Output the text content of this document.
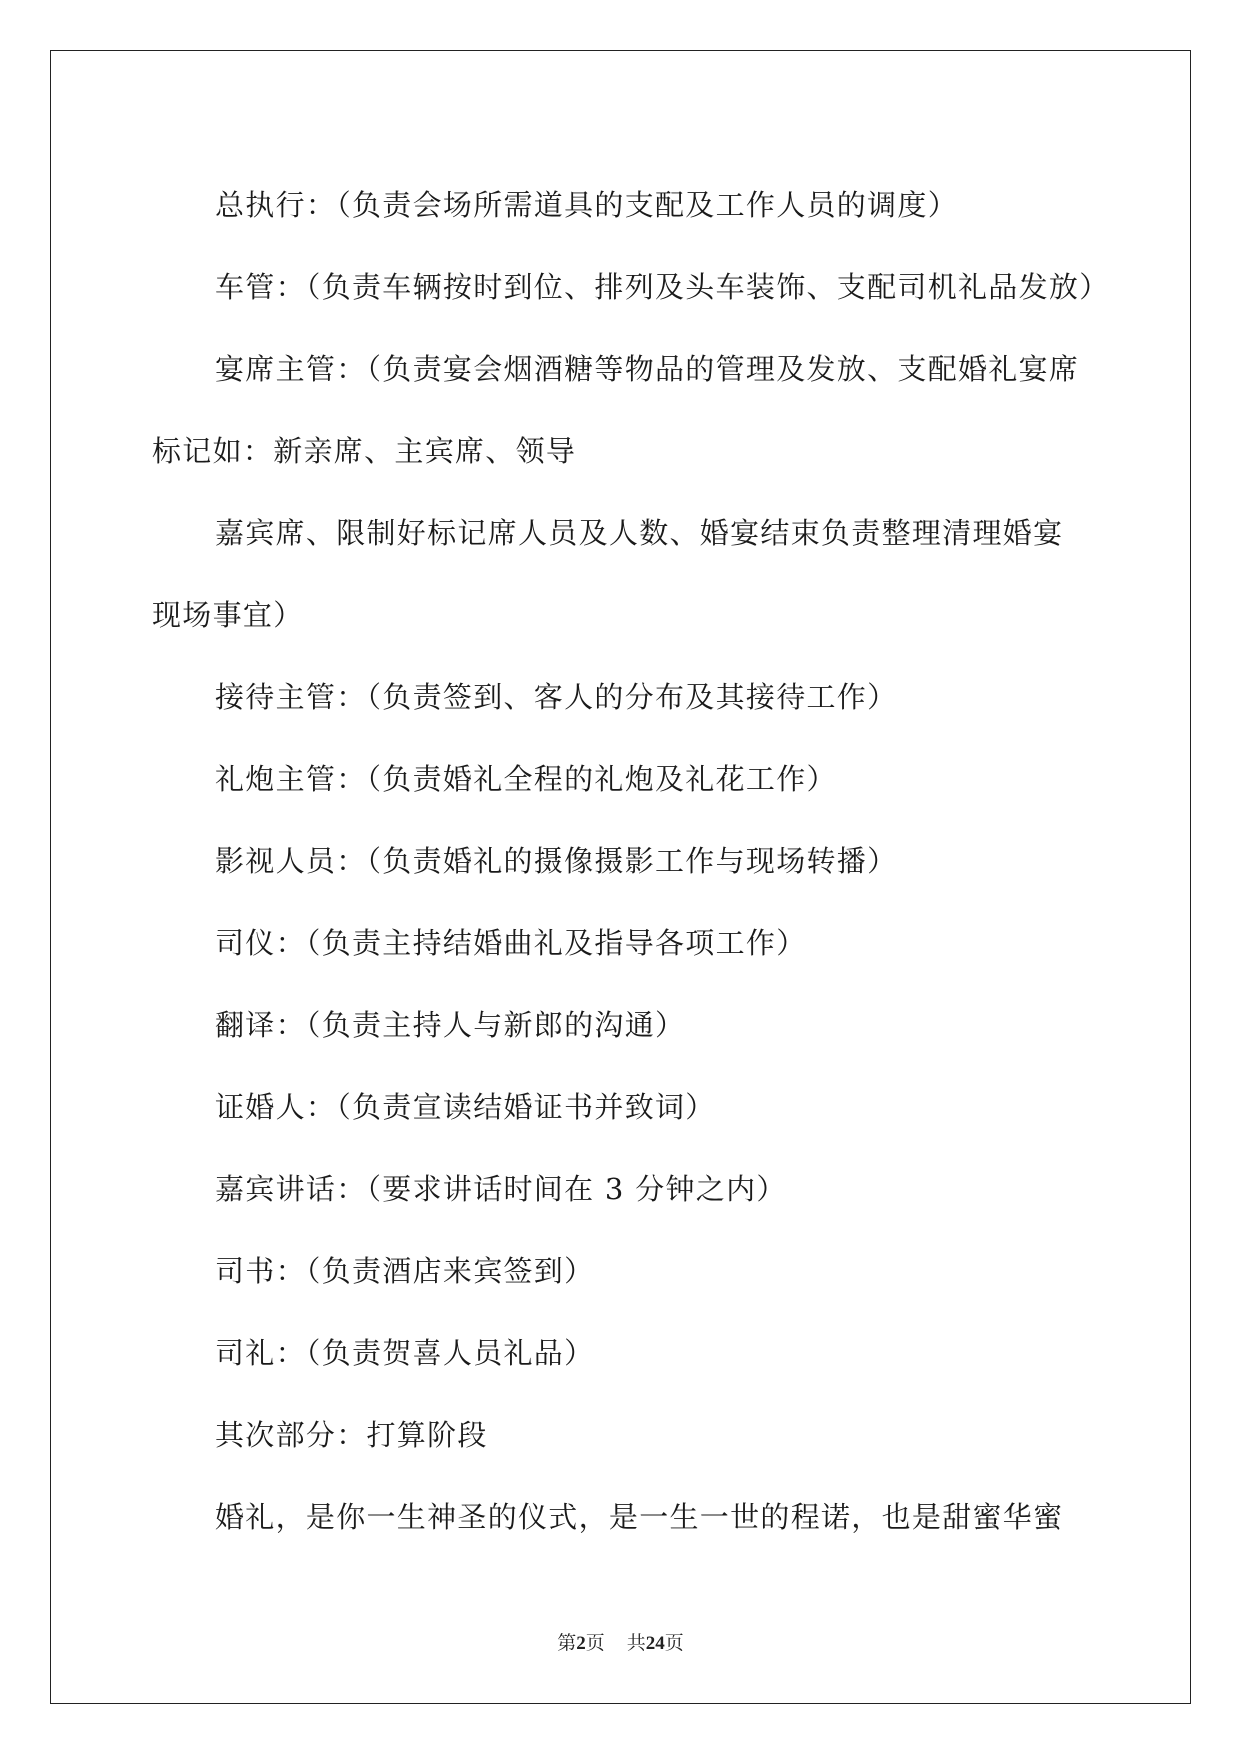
总执行：（负责会场所需道具的支配及工作人员的调度）

车管：（负责车辆按时到位、排列及头车装饰、支配司机礼品发放）

宴席主管：（负责宴会烟酒糖等物品的管理及发放、支配婚礼宴席

标记如：新亲席、主宾席、领导

嘉宾席、限制好标记席人员及人数、婚宴结束负责整理清理婚宴

现场事宜）

接待主管：（负责签到、客人的分布及其接待工作）

礼炮主管：（负责婚礼全程的礼炮及礼花工作）

影视人员：（负责婚礼的摄像摄影工作与现场转播）

司仪：（负责主持结婚曲礼及指导各项工作）

翻译：（负责主持人与新郎的沟通）

证婚人：（负责宣读结婚证书并致词）

嘉宾讲话：（要求讲话时间在 3 分钟之内）

司书：（负责酒店来宾签到）

司礼：（负责贺喜人员礼品）

其次部分：打算阶段

婚礼，是你一生神圣的仪式，是一生一世的程诺，也是甜蜜华蜜

第2页 共24页
